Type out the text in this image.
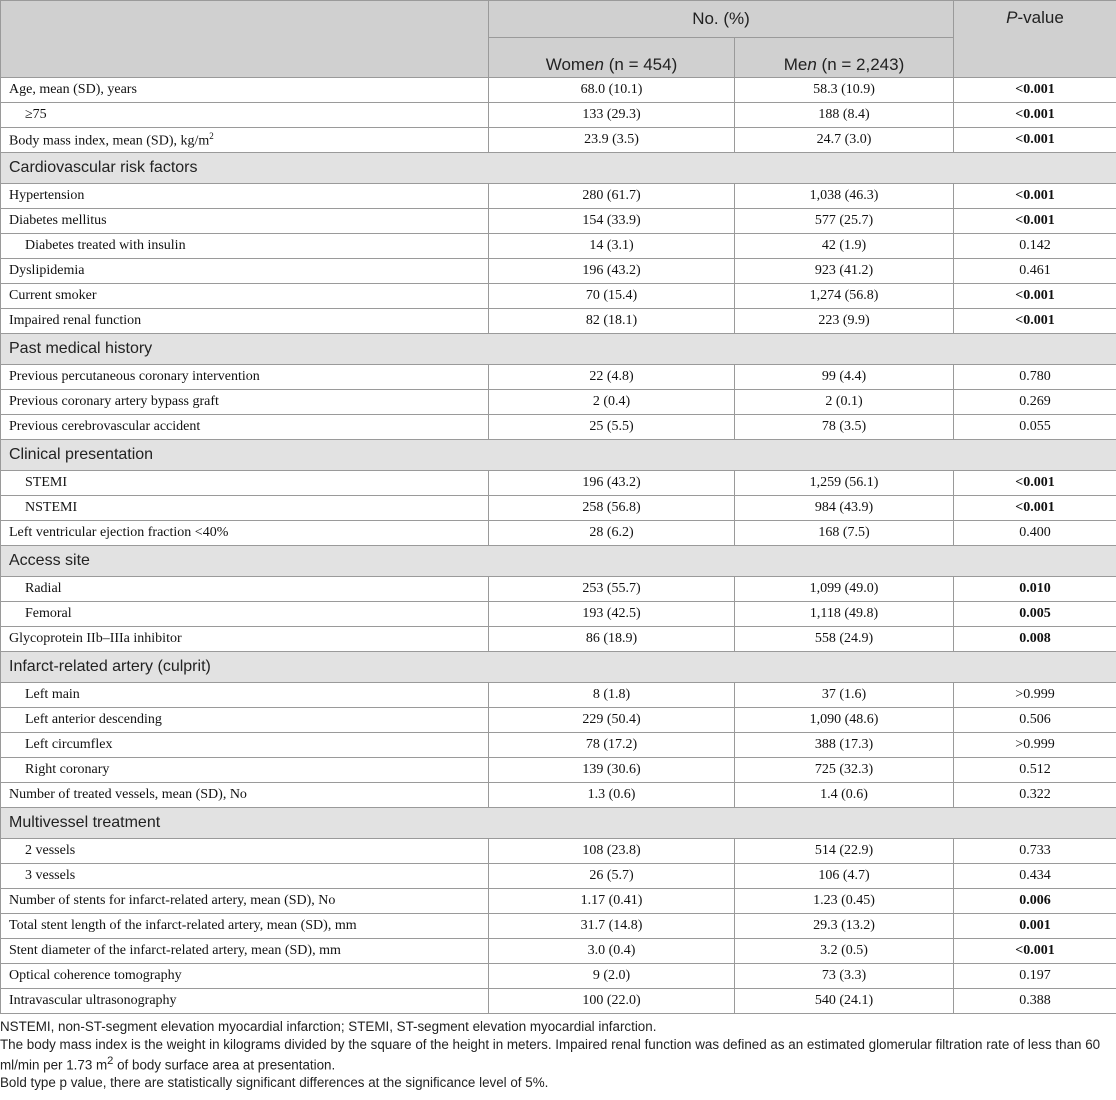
	No. (%)		P-value
	Women (n = 454)	Men (n = 2,243)	
Age, mean (SD), years	68.0 (10.1)	58.3 (10.9)	<0.001
≥75	133 (29.3)	188 (8.4)	<0.001
Body mass index, mean (SD), $kg/m^2$	23.9 (3.5)	24.7 (3.0)	<0.001
Cardiovascular risk factors			
Hypertension	280 (61.7)	1,038 (46.3)	<0.001
Diabetes mellitus	154 (33.9)	577 (25.7)	<0.001
Diabetes treated with insulin	14 (3.1)	42 (1.9)	0.142
Dyslipidemia	196 (43.2)	923 (41.2)	0.461
Current smoker	70 (15.4)	1,274 (56.8)	<0.001
Impaired renal function	82 (18.1)	223 (9.9)	<0.001
Past medical history			
Previous percutaneous coronary intervention	22 (4.8)	99 (4.4)	0.780
Previous coronary artery bypass graft	2 (0.4)	2 (0.1)	0.269
Previous cerebrovascular accident	25 (5.5)	78 (3.5)	0.055
Clinical presentation			
STEMI	196 (43.2)	1,259 (56.1)	<0.001
NSTEMI	258 (56.8)	984 (43.9)	<0.001
Left ventricular ejection fraction <40%	28 (6.2)	168 (7.5)	0.400
Access site			
Radial	253 (55.7)	1,099 (49.0)	0.010
Femoral	193 (42.5)	1,118 (49.8)	0.005
Glycoprotein IIb–IIIa inhibitor	86 (18.9)	558 (24.9)	0.008
Infarct-related artery (culprit)			
Left main	8 (1.8)	37 (1.6)	>0.999
Left anterior descending	229 (50.4)	1,090 (48.6)	0.506
Left circumflex	78 (17.2)	388 (17.3)	>0.999
Right coronary	139 (30.6)	725 (32.3)	0.512
Number of treated vessels, mean (SD), No	1.3 (0.6)	1.4 (0.6)	0.322
Multivessel treatment			
2 vessels	108 (23.8)	514 (22.9)	0.733
3 vessels	26 (5.7)	106 (4.7)	0.434
Number of stents for infarct-related artery, mean (SD), No	1.17 (0.41)	1.23 (0.45)	0.006
Total stent length of the infarct-related artery, mean (SD), mm	31.7 (14.8)	29.3 (13.2)	0.001
Stent diameter of the infarct-related artery, mean (SD), mm	3.0 (0.4)	3.2 (0.5)	<0.001
Optical coherence tomography	9 (2.0)	73 (3.3)	0.197
Intravascular ultrasonography	100 (22.0)	540 (24.1)	0.388

NSTEMI, non-ST-segment elevation myocardial infarction; STEMI, ST-segment elevation myocardial infarction.

The body mass index is the weight in kilograms divided by the square of the height in meters. Impaired renal function was defined as an estimated glomerular filtration rate of less than 60 ml/min per 1.73 $m^2$ of body surface area at presentation.

Bold type p value, there are statistically significant differences at the significance level of 5%.
